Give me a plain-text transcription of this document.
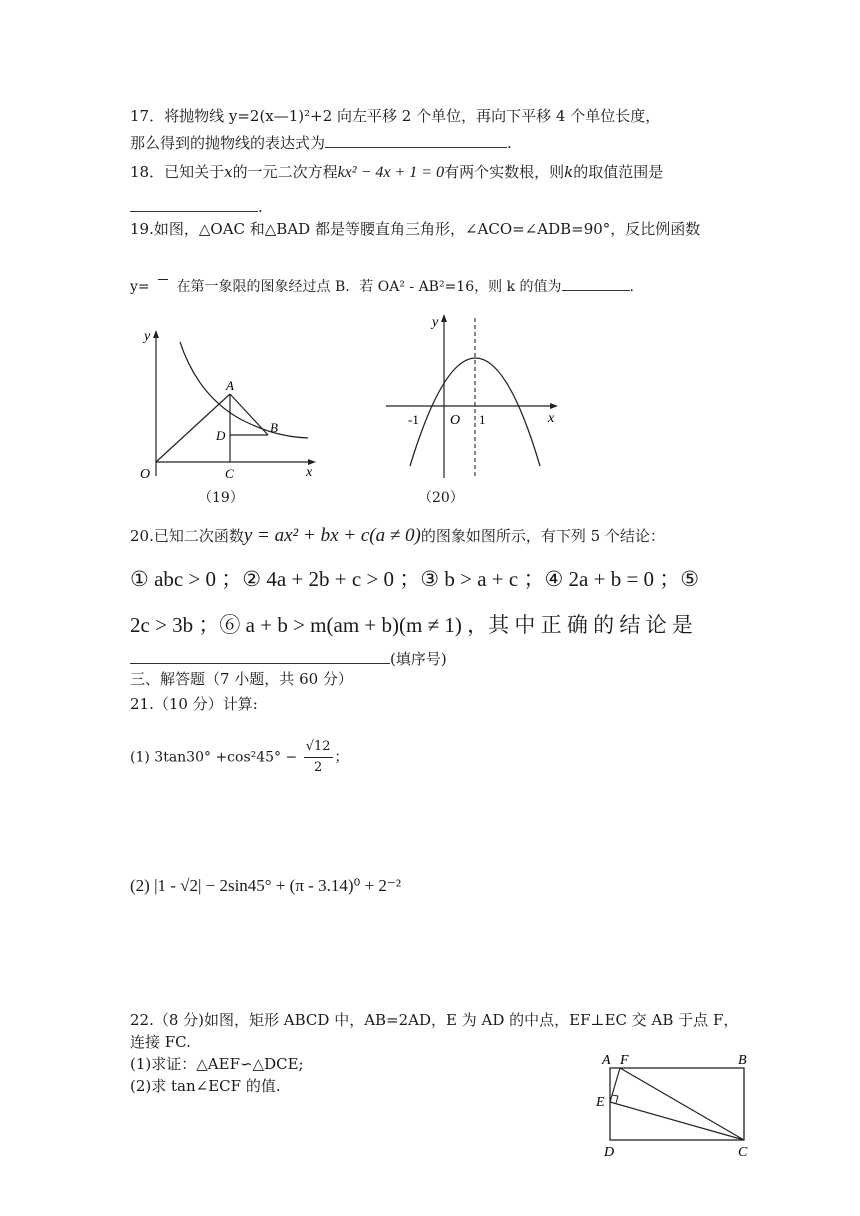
17．将抛物线 y=2(x—1)²+2 向左平移 2 个单位，再向下平移 4 个单位长度，
那么得到的抛物线的表达式为	.
18．已知关于x的一元二次方程kx² − 4x + 1 = 0有两个实数根，则k的取值范围是
.
19.如图，△OAC 和△BAD 都是等腰直角三角形，∠ACO=∠ADB=90°，反比例函数
y= 在第一象限的图象经过点 B．若 OA² - AB²=16，则 k 的值为	.
y
x
O
A
B
C
D
（19）
y
x
O
-1	1
（20）
20.已知二次函数y = ax² + bx + c(a ≠ 0)的图象如图所示，有下列 5 个结论：
① abc > 0 ；② 4a + 2b + c > 0 ；③ b > a + c ；④ 2a + b = 0 ；⑤
2c > 3b ；⑥ a + b > m(am + b)(m ≠ 1) ，其 中 正 确 的 结 论 是
(填序号)
三、解答题（7 小题，共 60 分）
21.（10 分）计算:
(1) $3\tan 30^\circ +\cos^245^\circ - \frac{√12}{2}$ ；
(2) |1 - √2| − 2sin45° + (π - 3.14)⁰ + 2⁻²
22.（8 分)如图，矩形 ABCD 中，AB=2AD，E 为 AD 的中点，EF⊥EC 交 AB 于点 F，
连接 FC.
(1)求证：△AEF∽△DCE;
(2)求 tan∠ECF 的值.
A F	B
E
D	C
